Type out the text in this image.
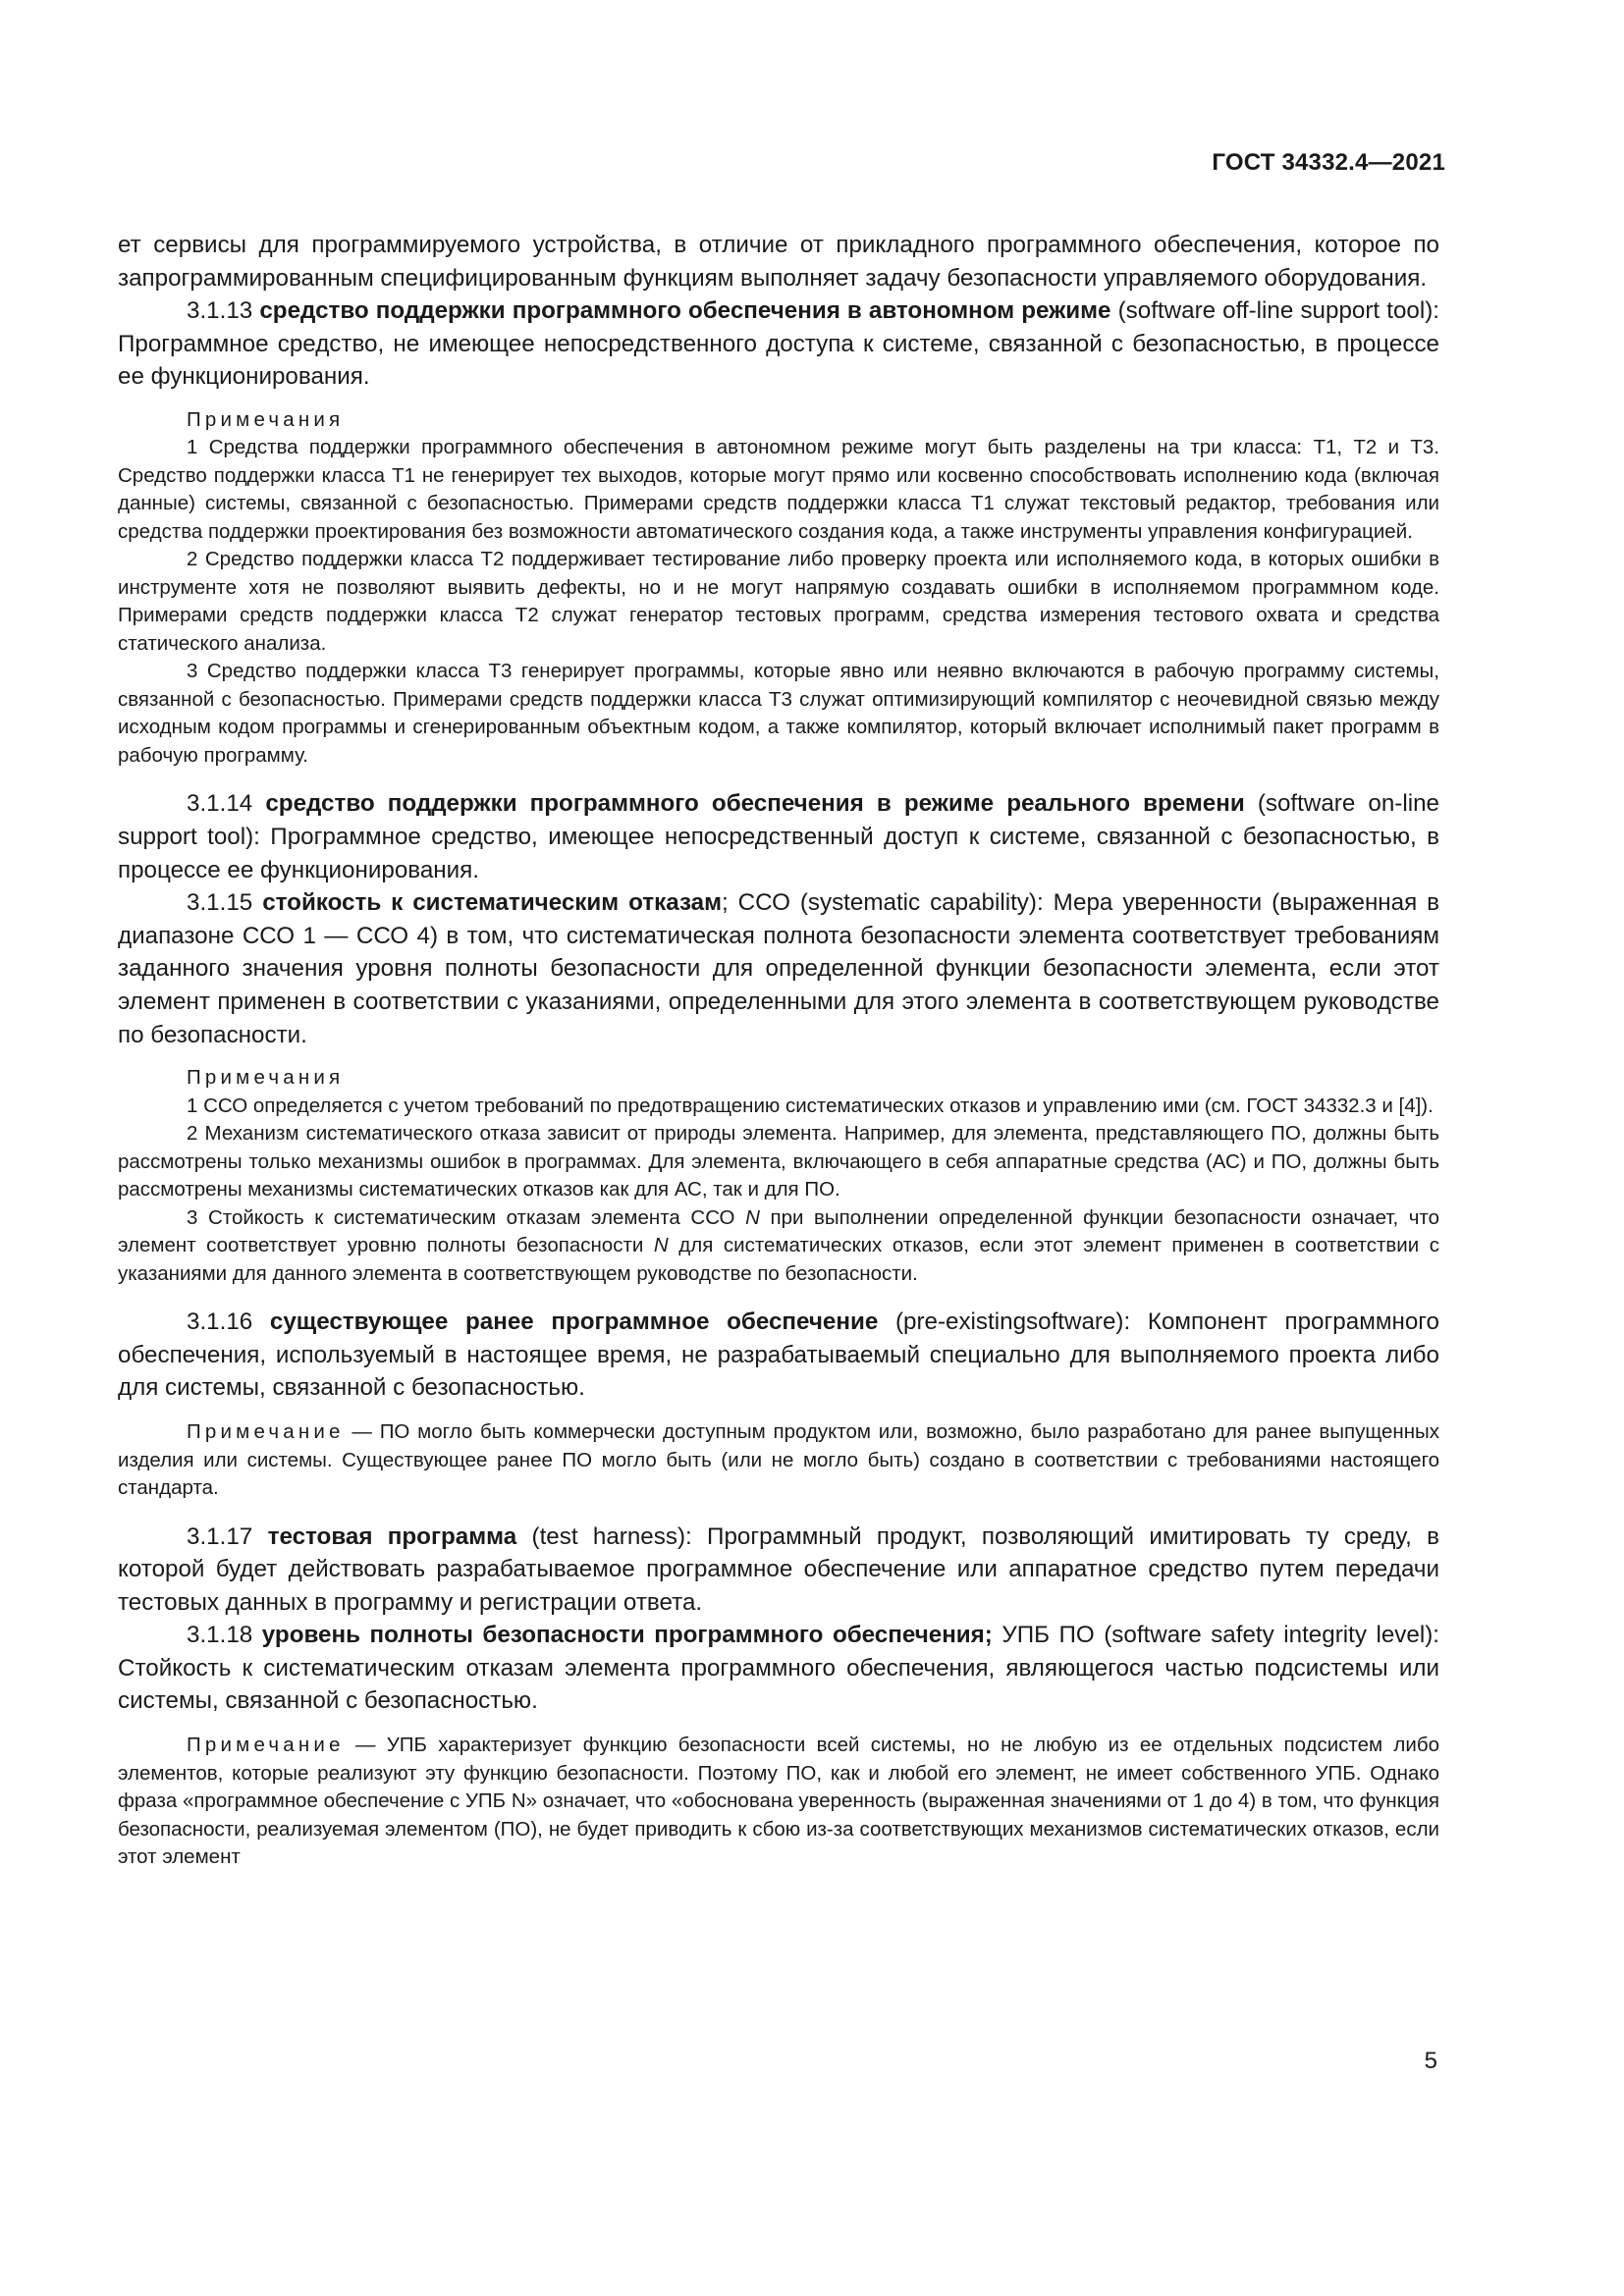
ГОСТ 34332.4—2021

ет сервисы для программируемого устройства, в отличие от прикладного программного обеспечения, которое по запрограммированным специфицированным функциям выполняет задачу безопасности управляемого оборудования.

3.1.13 средство поддержки программного обеспечения в автономном режиме (software off-line support tool): Программное средство, не имеющее непосредственного доступа к системе, связанной с безопасностью, в процессе ее функционирования.

Примечания

1 Средства поддержки программного обеспечения в автономном режиме могут быть разделены на три класса: Т1, Т2 и Т3. Средство поддержки класса Т1 не генерирует тех выходов, которые могут прямо или косвенно способствовать исполнению кода (включая данные) системы, связанной с безопасностью. Примерами средств поддержки класса Т1 служат текстовый редактор, требования или средства поддержки проектирования без возможности автоматического создания кода, а также инструменты управления конфигурацией.

2 Средство поддержки класса Т2 поддерживает тестирование либо проверку проекта или исполняемого кода, в которых ошибки в инструменте хотя не позволяют выявить дефекты, но и не могут напрямую создавать ошибки в исполняемом программном коде. Примерами средств поддержки класса Т2 служат генератор тестовых программ, средства измерения тестового охвата и средства статического анализа.

3 Средство поддержки класса Т3 генерирует программы, которые явно или неявно включаются в рабочую программу системы, связанной с безопасностью. Примерами средств поддержки класса Т3 служат оптимизирующий компилятор с неочевидной связью между исходным кодом программы и сгенерированным объектным кодом, а также компилятор, который включает исполнимый пакет программ в рабочую программу.

3.1.14 средство поддержки программного обеспечения в режиме реального времени (software on-line support tool): Программное средство, имеющее непосредственный доступ к системе, связанной с безопасностью, в процессе ее функционирования.

3.1.15 стойкость к систематическим отказам; ССО (systematic capability): Мера уверенности (выраженная в диапазоне ССО 1 — ССО 4) в том, что систематическая полнота безопасности элемента соответствует требованиям заданного значения уровня полноты безопасности для определенной функции безопасности элемента, если этот элемент применен в соответствии с указаниями, определенными для этого элемента в соответствующем руководстве по безопасности.

Примечания

1 ССО определяется с учетом требований по предотвращению систематических отказов и управлению ими (см. ГОСТ 34332.3 и [4]).

2 Механизм систематического отказа зависит от природы элемента. Например, для элемента, представляющего ПО, должны быть рассмотрены только механизмы ошибок в программах. Для элемента, включающего в себя аппаратные средства (АС) и ПО, должны быть рассмотрены механизмы систематических отказов как для АС, так и для ПО.

3 Стойкость к систематическим отказам элемента ССО N при выполнении определенной функции безопасности означает, что элемент соответствует уровню полноты безопасности N для систематических отказов, если этот элемент применен в соответствии с указаниями для данного элемента в соответствующем руководстве по безопасности.

3.1.16 существующее ранее программное обеспечение (pre-existingsoftware): Компонент программного обеспечения, используемый в настоящее время, не разрабатываемый специально для выполняемого проекта либо для системы, связанной с безопасностью.

Примечание — ПО могло быть коммерчески доступным продуктом или, возможно, было разработано для ранее выпущенных изделия или системы. Существующее ранее ПО могло быть (или не могло быть) создано в соответствии с требованиями настоящего стандарта.

3.1.17 тестовая программа (test harness): Программный продукт, позволяющий имитировать ту среду, в которой будет действовать разрабатываемое программное обеспечение или аппаратное средство путем передачи тестовых данных в программу и регистрации ответа.

3.1.18 уровень полноты безопасности программного обеспечения; УПБ ПО (software safety integrity level): Стойкость к систематическим отказам элемента программного обеспечения, являющегося частью подсистемы или системы, связанной с безопасностью.

Примечание — УПБ характеризует функцию безопасности всей системы, но не любую из ее отдельных подсистем либо элементов, которые реализуют эту функцию безопасности. Поэтому ПО, как и любой его элемент, не имеет собственного УПБ. Однако фраза «программное обеспечение с УПБ N» означает, что «обоснована уверенность (выраженная значениями от 1 до 4) в том, что функция безопасности, реализуемая элементом (ПО), не будет приводить к сбою из-за соответствующих механизмов систематических отказов, если этот элемент

5
